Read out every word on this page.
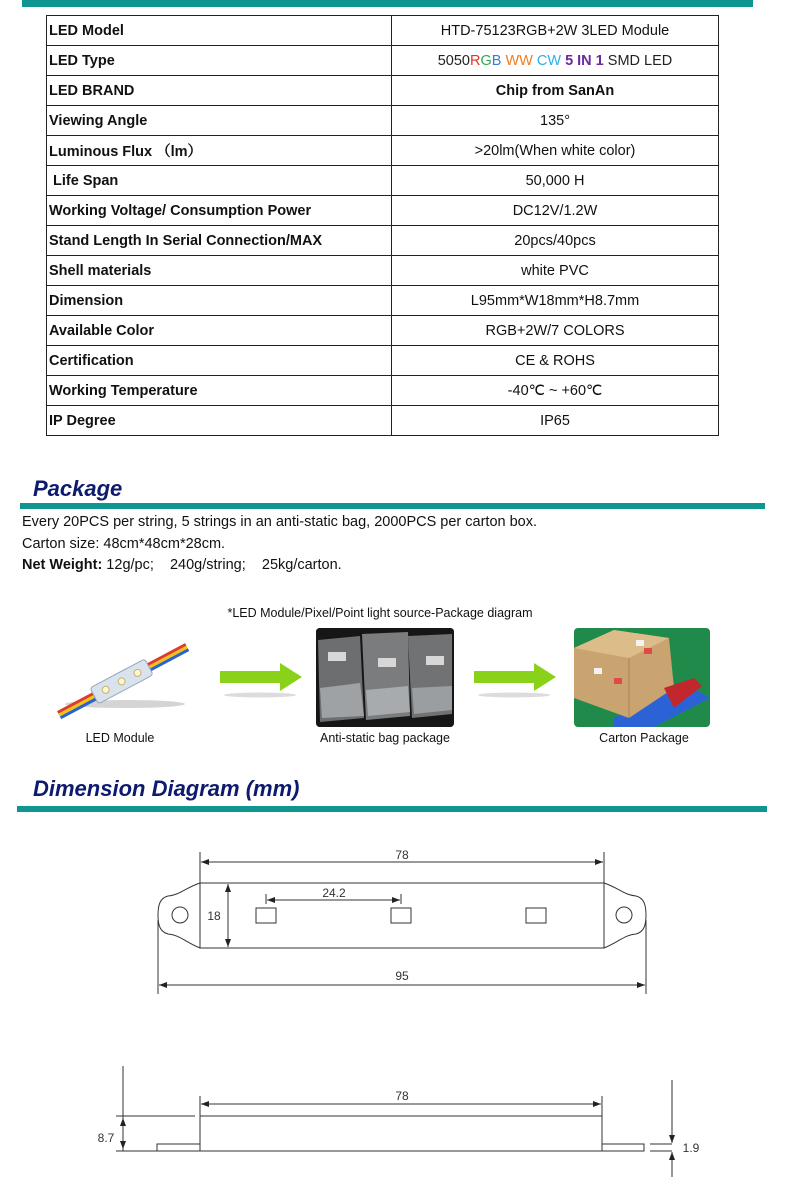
LED Model	HTD-75123RGB+2W 3LED Module
LED Type	5050RGB WW CW 5 IN 1 SMD LED
LED BRAND	Chip from SanAn
Viewing Angle	135°
Luminous Flux （lm）	>20lm(When white color)
Life Span	50,000 H
Working Voltage/ Consumption Power	DC12V/1.2W
Stand Length In Serial Connection/MAX	20pcs/40pcs
Shell materials	white PVC
Dimension	L95mm*W18mm*H8.7mm
Available Color	RGB+2W/7 COLORS
Certification	CE & ROHS
Working Temperature	-40℃ ~ +60℃
IP Degree	IP65
Package
Every 20PCS per string, 5 strings in an anti-static bag, 2000PCS per carton box.
Carton size: 48cm*48cm*28cm.
Net Weight: 12g/pc;    240g/string;    25kg/carton.
*LED Module/Pixel/Point light source-Package diagram
LED Module	Anti-static bag package	Carton Package
Dimension Diagram (mm)
78
18
24.2
95
78
8.7
1.9
